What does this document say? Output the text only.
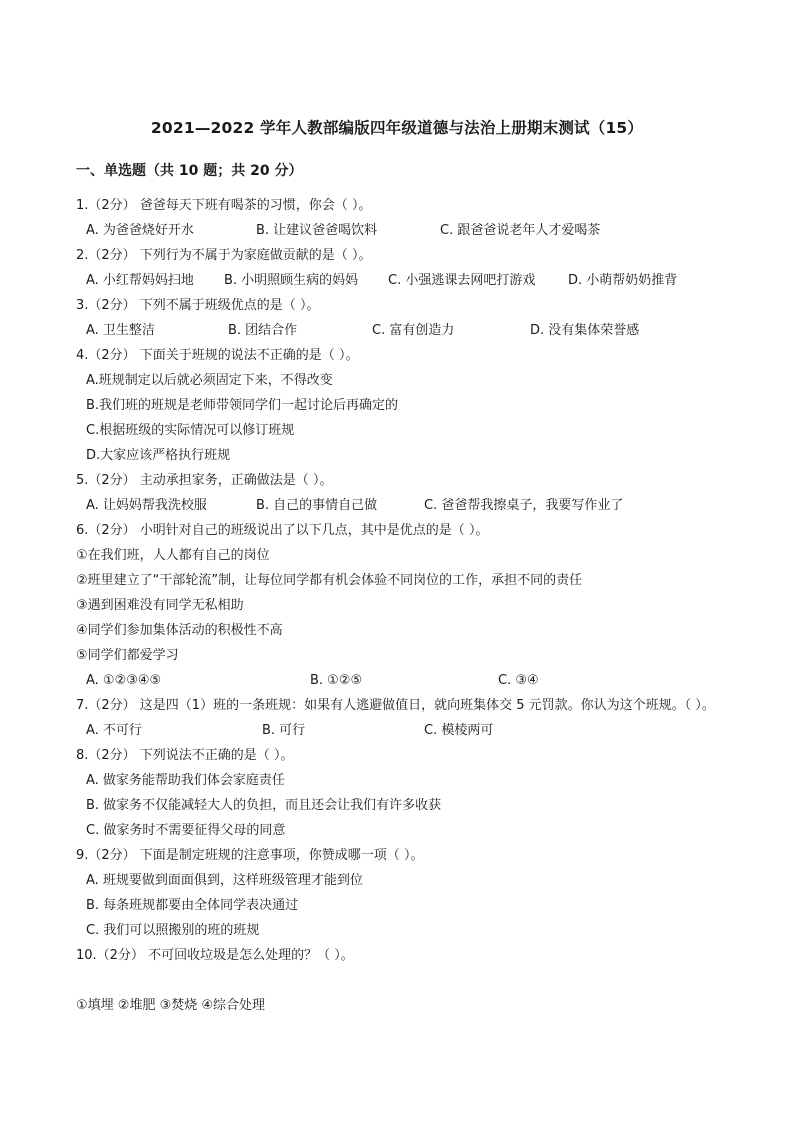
2021—2022 学年人教部编版四年级道德与法治上册期末测试（15）
一、单选题（共 10 题；共 20 分）
1.（2分） 爸爸每天下班有喝茶的习惯，你会（ ）。
A. 为爸爸烧好开水	B. 让建议爸爸喝饮料	C. 跟爸爸说老年人才爱喝茶
2.（2分） 下列行为不属于为家庭做贡献的是（ ）。
A. 小红帮妈妈扫地 B. 小明照顾生病的妈妈 C. 小强逃课去网吧打游戏	D. 小萌帮奶奶推背
3.（2分） 下列不属于班级优点的是（ ）。
A. 卫生整洁	B. 团结合作	C. 富有创造力	D. 没有集体荣誉感
4.（2分） 下面关于班规的说法不正确的是（ ）。
A.班规制定以后就必须固定下来，不得改变
B.我们班的班规是老师带领同学们一起讨论后再确定的
C.根据班级的实际情况可以修订班规
D.大家应该严格执行班规
5.（2分） 主动承担家务，正确做法是（ ）。
A. 让妈妈帮我洗校服	B. 自己的事情自己做	C. 爸爸帮我擦桌子，我要写作业了
6.（2分） 小明针对自己的班级说出了以下几点，其中是优点的是（ ）。
①在我们班，人人都有自己的岗位
②班里建立了“干部轮流”制，让每位同学都有机会体验不同岗位的工作，承担不同的责任
③遇到困难没有同学无私相助
④同学们参加集体活动的积极性不高
⑤同学们都爱学习
A. ①②③④⑤	B. ①②⑤	C. ③④
7.（2分） 这是四（1）班的一条班规：如果有人逃避做值日，就向班集体交 5 元罚款。你认为这个班规。（ ）。
A. 不可行	B. 可行	C. 模棱两可
8.（2分） 下列说法不正确的是（ ）。
A. 做家务能帮助我们体会家庭责任
B. 做家务不仅能减轻大人的负担，而且还会让我们有许多收获
C. 做家务时不需要征得父母的同意
9.（2分） 下面是制定班规的注意事项，你赞成哪一项（ ）。
A. 班规要做到面面俱到，这样班级管理才能到位
B. 每条班规都要由全体同学表决通过
C. 我们可以照搬别的班的班规
10.（2分） 不可回收垃圾是怎么处理的？（ ）。
①填埋 ②堆肥 ③焚烧 ④综合处理
